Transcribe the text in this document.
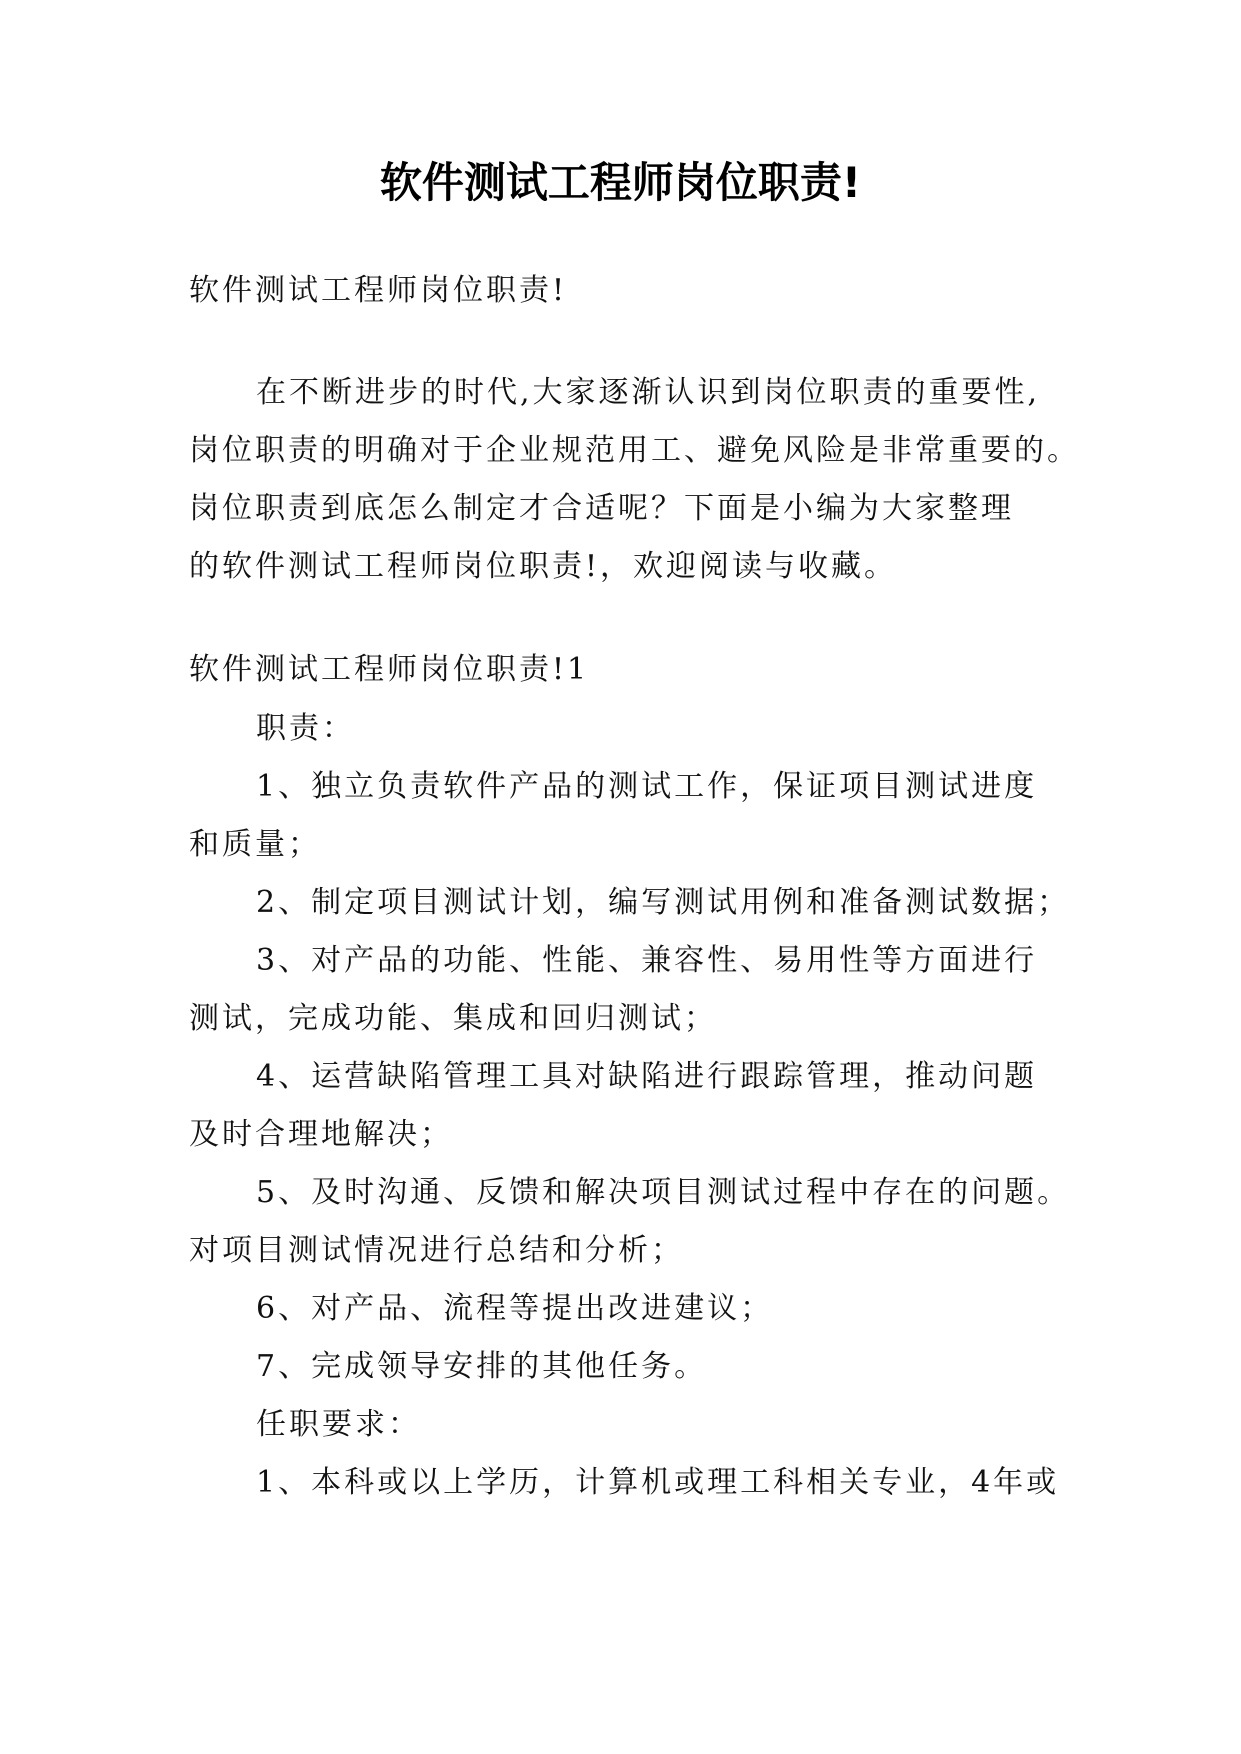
软件测试工程师岗位职责!
软件测试工程师岗位职责!
在不断进步的时代,大家逐渐认识到岗位职责的重要性,
岗位职责的明确对于企业规范用工、避免风险是非常重要的。
岗位职责到底怎么制定才合适呢？下面是小编为大家整理
的软件测试工程师岗位职责!，欢迎阅读与收藏。
软件测试工程师岗位职责!1
职责：
1、独立负责软件产品的测试工作，保证项目测试进度
和质量；
2、制定项目测试计划，编写测试用例和准备测试数据；
3、对产品的功能、性能、兼容性、易用性等方面进行
测试，完成功能、集成和回归测试；
4、运营缺陷管理工具对缺陷进行跟踪管理，推动问题
及时合理地解决；
5、及时沟通、反馈和解决项目测试过程中存在的问题。
对项目测试情况进行总结和分析；
6、对产品、流程等提出改进建议；
7、完成领导安排的其他任务。
任职要求：
1、本科或以上学历，计算机或理工科相关专业，4年或
